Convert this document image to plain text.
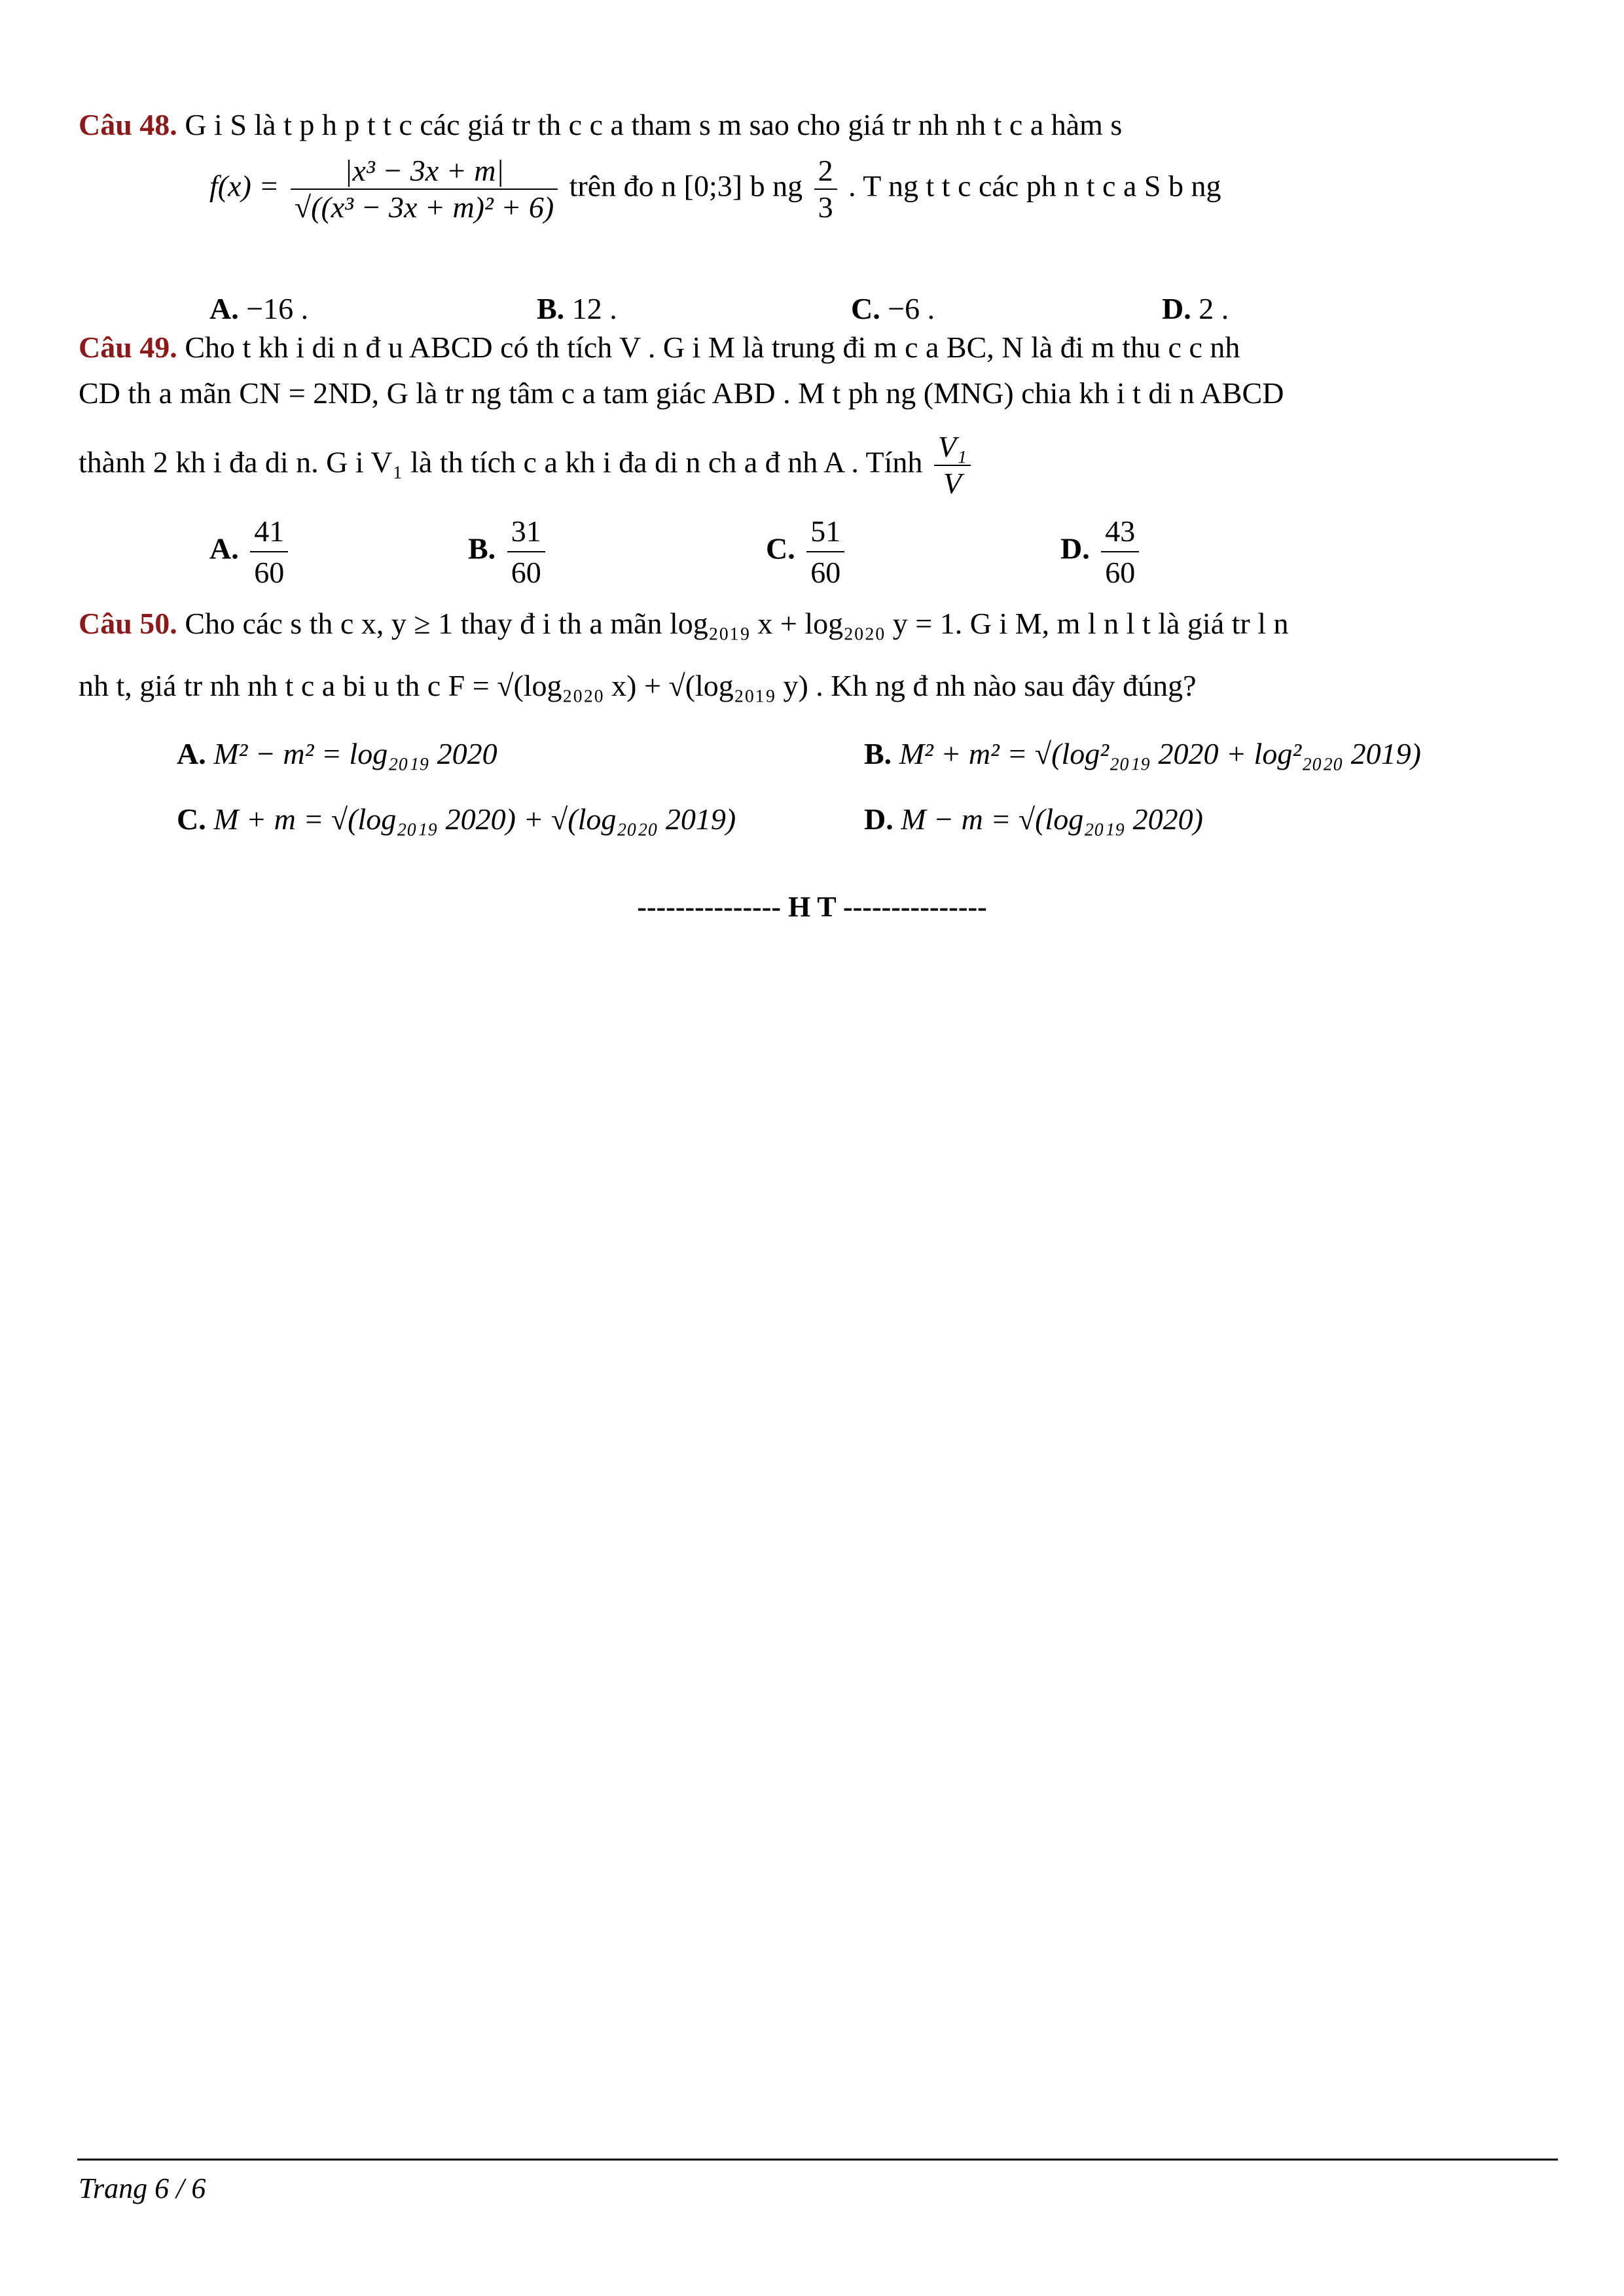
Câu 48. G i S là t p h p t t c các giá tr th c c a tham s m sao cho giá tr nh nh t c a hàm s
$f(x) = \frac{\text{|x³ − 3x + m|}}{\text{√((x³ − 3x + m)² + 6)}}$ trên đo n [0;3] b ng $\frac{2}{3}$ . T ng t t c các ph n t c a S b ng
A. −16 .	B. 12 .	C. −6 .	D. 2 .
Câu 49. Cho t kh i di n đ u ABCD có th tích V . G i M là trung đi m c a BC, N là đi m thu c c nh
CD th a mãn CN = 2ND, G là tr ng tâm c a tam giác ABD . M t ph ng (MNG) chia kh i t di n ABCD
thành 2 kh i đa di n. G i V₁ là th tích c a kh i đa di n ch a đ nh A . Tính $\frac{\text{V₁}}{V}$
A. $\frac{41}{60}$	B. $\frac{31}{60}$	C. $\frac{51}{60}$	D. $\frac{43}{60}$
Câu 50. Cho các s th c x, y ≥ 1 thay đ i th a mãn log₂₀₁₉ x + log₂₀₂₀ y = 1. G i M, m l n l t là giá tr l n
nh t, giá tr nh nh t c a bi u th c F = √(log₂₀₂₀ x) + √(log₂₀₁₉ y) . Kh ng đ nh nào sau đây đúng?
A. M² − m² = log₂₀₁₉ 2020	B. M² + m² = √(log²₂₀₁₉ 2020 + log²₂₀₂₀ 2019)
C. M + m = √(log₂₀₁₉ 2020) + √(log₂₀₂₀ 2019)	D. M − m = √(log₂₀₁₉ 2020)
--------------- H T ---------------
Trang 6 / 6
